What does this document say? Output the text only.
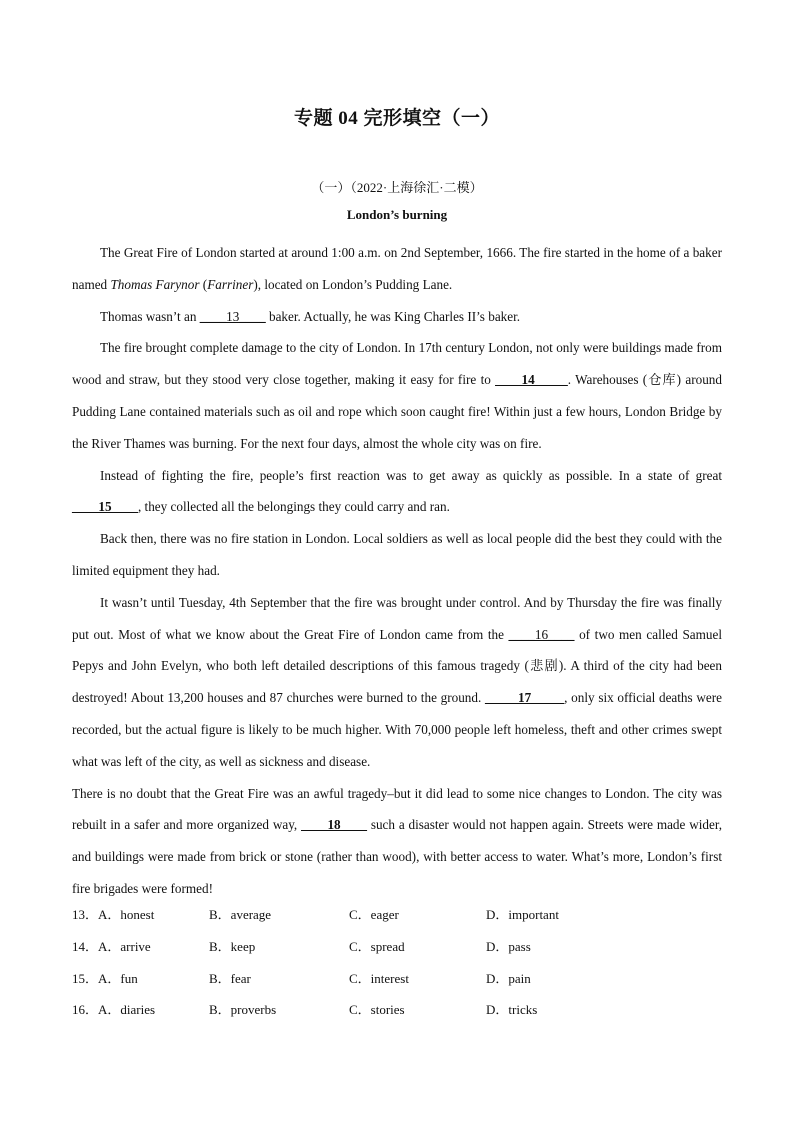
专题 04 完形填空（一）
（一）（2022·上海徐汇·二模）
London’s burning

The Great Fire of London started at around 1:00 a.m. on 2nd September, 1666. The fire started in the home of a baker named Thomas Farynor (Farriner), located on London’s Pudding Lane.

Thomas wasn’t an ____13____ baker. Actually, he was King Charles II’s baker.

The fire brought complete damage to the city of London. In 17th century London, not only were buildings made from wood and straw, but they stood very close together, making it easy for fire to ____14_____. Warehouses (仓库) around Pudding Lane contained materials such as oil and rope which soon caught fire! Within just a few hours, London Bridge by the River Thames was burning. For the next four days, almost the whole city was on fire.

Instead of fighting the fire, people’s first reaction was to get away as quickly as possible. In a state of great ____15____, they collected all the belongings they could carry and ran.

Back then, there was no fire station in London. Local soldiers as well as local people did the best they could with the limited equipment they had.

It wasn’t until Tuesday, 4th September that the fire was brought under control. And by Thursday the fire was finally put out. Most of what we know about the Great Fire of London came from the ____16____ of two men called Samuel Pepys and John Evelyn, who both left detailed descriptions of this famous tragedy (悲剧). A third of the city had been destroyed! About 13,200 houses and 87 churches were burned to the ground. _____17_____, only six official deaths were recorded, but the actual figure is likely to be much higher. With 70,000 people left homeless, theft and other crimes swept what was left of the city, as well as sickness and disease.

There is no doubt that the Great Fire was an awful tragedy–but it did lead to some nice changes to London. The city was rebuilt in a safer and more organized way, ____18____ such a disaster would not happen again. Streets were made wider, and buildings were made from brick or stone (rather than wood), with better access to water. What’s more, London’s first fire brigades were formed!

13．A．honest	B．average	C．eager	D．important
14．A．arrive	B．keep	C．spread	D．pass
15．A．fun	B．fear	C．interest	D．pain
16．A．diaries	B．proverbs	C．stories	D．tricks
